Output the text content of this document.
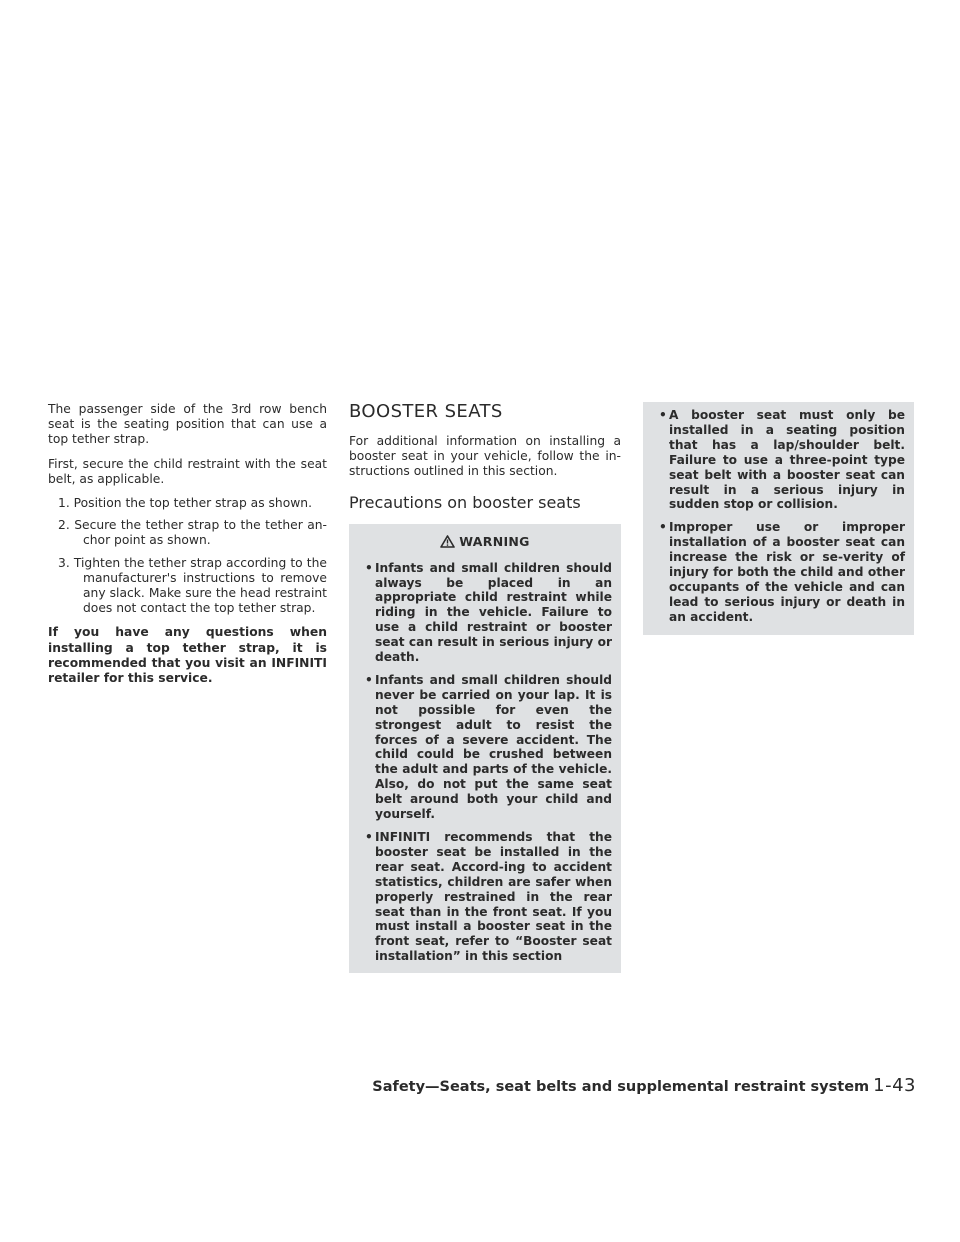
The passenger side of the 3rd row bench seat is the seating position that can use a top tether strap.

First, secure the child restraint with the seat belt, as applicable.

1. Position the top tether strap as shown.
2. Secure the tether strap to the tether an-chor point as shown.
3. Tighten the tether strap according to the manufacturer's instructions to remove any slack. Make sure the head restraint does not contact the top tether strap.

If you have any questions when installing a top tether strap, it is recommended that you visit an INFINITI retailer for this service.

BOOSTER SEATS

For additional information on installing a booster seat in your vehicle, follow the in-structions outlined in this section.

Precautions on booster seats
WARNING
• Infants and small children should always be placed in an appropriate child restraint while riding in the vehicle. Failure to use a child restraint or booster seat can result in serious injury or death.
• Infants and small children should never be carried on your lap. It is not possible for even the strongest adult to resist the forces of a severe accident. The child could be crushed between the adult and parts of the vehicle. Also, do not put the same seat belt around both your child and yourself.
• INFINITI recommends that the booster seat be installed in the rear seat. Accord-ing to accident statistics, children are safer when properly restrained in the rear seat than in the front seat. If you must install a booster seat in the front seat, refer to “Booster seat installation” in this section
• A booster seat must only be installed in a seating position that has a lap/shoulder belt. Failure to use a three-point type seat belt with a booster seat can result in a serious injury in sudden stop or collision.
• Improper use or improper installation of a booster seat can increase the risk or se-verity of injury for both the child and other occupants of the vehicle and can lead to serious injury or death in an accident.
Safety—Seats, seat belts and supplemental restraint system 1-43
